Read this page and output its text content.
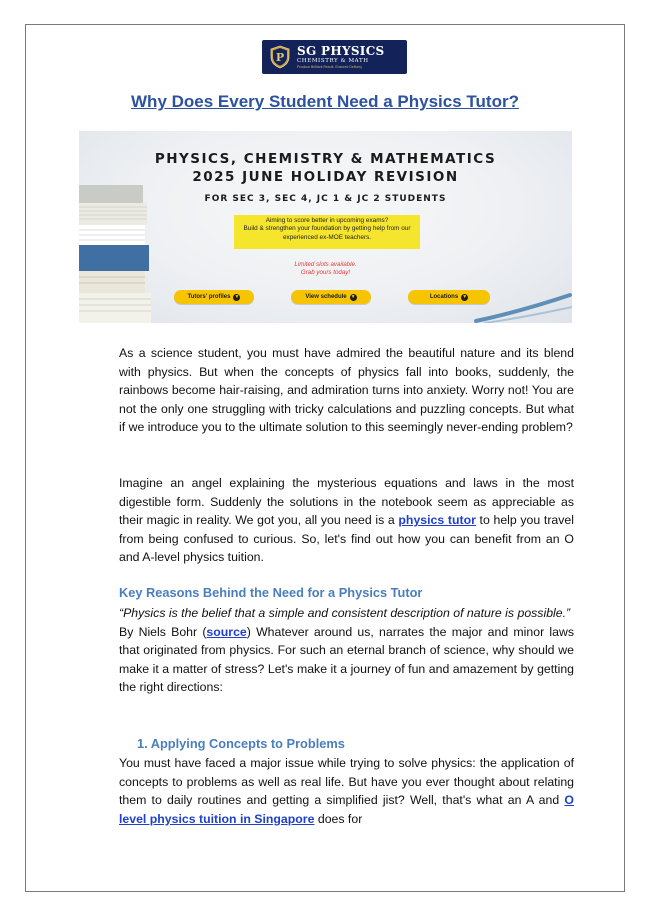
P SG PHYSICS
CHEMISTRY & MATH
Produce Brilliant Result, Ensured Delivery
Why Does Every Student Need a Physics Tutor?
PHYSICS, CHEMISTRY & MATHEMATICS
2025 JUNE HOLIDAY REVISION
FOR SEC 3, SEC 4, JC 1 & JC 2 STUDENTS
Aiming to score better in upcoming exams?
Build & strengthen your foundation by getting help from our
experienced ex-MOE teachers.
Limited slots available.
Grab yours today!
Tutors' profiles ▼	View schedule ▼	Locations ▼
As a science student, you must have admired the beautiful nature and its blend with physics. But when the concepts of physics fall into books, suddenly, the rainbows become hair-raising, and admiration turns into anxiety. Worry not! You are not the only one struggling with tricky calculations and puzzling concepts. But what if we introduce you to the ultimate solution to this seemingly never-ending problem?
Imagine an angel explaining the mysterious equations and laws in the most digestible form. Suddenly the solutions in the notebook seem as appreciable as their magic in reality. We got you, all you need is a physics tutor to help you travel from being confused to curious. So, let's find out how you can benefit from an O and A-level physics tuition.
Key Reasons Behind the Need for a Physics Tutor
“Physics is the belief that a simple and consistent description of nature is possible.”
By Niels Bohr (source) Whatever around us, narrates the major and minor laws that originated from physics. For such an eternal branch of science, why should we make it a matter of stress? Let's make it a journey of fun and amazement by getting the right directions:
1. Applying Concepts to Problems
You must have faced a major issue while trying to solve physics: the application of concepts to problems as well as real life. But have you ever thought about relating them to daily routines and getting a simplified jist? Well, that's what an A and O level physics tuition in Singapore does for
